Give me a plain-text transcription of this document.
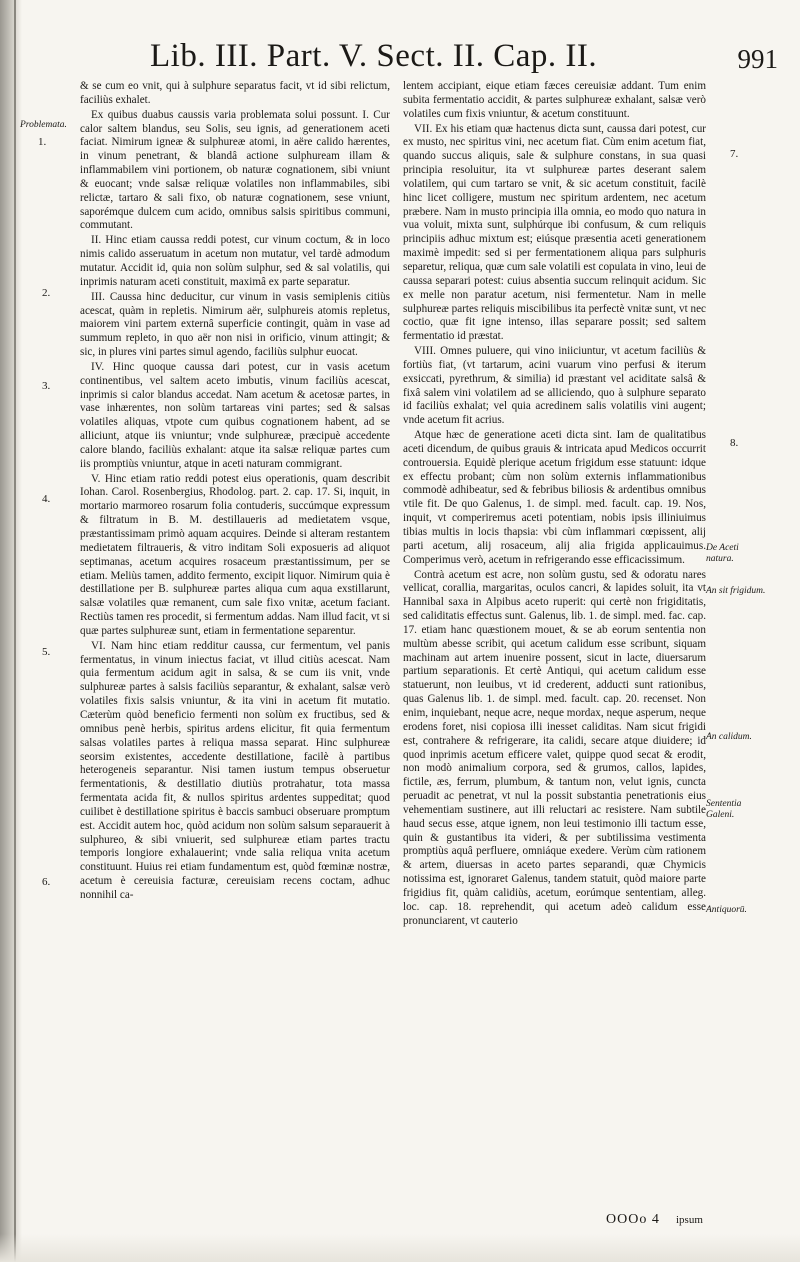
Lib. III. Part. V. Sect. II. Cap. II.	991

& se cum eo vnit, qui à sulphure separatus facit, vt id sibi relictum, faciliùs exhalet.

Ex quibus duabus caussis varia problemata solui possunt. I. Cur calor saltem blandus, seu Solis, seu ignis, ad generationem aceti faciat. Nimirum igneæ & sulphureæ atomi, in aëre calido hærentes, in vinum penetrant, & blandâ actione sulphuream illam & inflammabilem vini portionem, ob naturæ cognationem, sibi vniunt & euocant; vnde salsæ reliquæ volatiles non inflammabiles, sibi relictæ, tartaro & sali fixo, ob naturæ cognationem, sese vniunt, saporémque dulcem cum acido, omnibus salsis spiritibus communi, commutant.

II. Hinc etiam caussa reddi potest, cur vinum coctum, & in loco nimis calido asseruatum in acetum non mutatur, vel tardè admodum mutatur. Accidit id, quia non solùm sulphur, sed & sal volatilis, qui inprimis naturam aceti constituit, maximâ ex parte separatur.

III. Caussa hinc deducitur, cur vinum in vasis semiplenis citiùs acescat, quàm in repletis. Nimirum aër, sulphureis atomis repletus, maiorem vini partem externâ superficie contingit, quàm in vase ad summum repleto, in quo aër non nisi in orificio, vinum attingit; & sic, in plures vini partes simul agendo, faciliùs sulphur euocat.

IV. Hinc quoque caussa dari potest, cur in vasis acetum continentibus, vel saltem aceto imbutis, vinum faciliùs acescat, inprimis si calor blandus accedat. Nam acetum & acetosæ partes, in vase inhærentes, non solùm tartareas vini partes; sed & salsas volatiles aliquas, vtpote cum quibus cognationem habent, ad se alliciunt, atque iis vniuntur; vnde sulphureæ, præcipuè accedente calore blando, faciliùs exhalant: atque ita salsæ reliquæ partes cum iis promptiùs vniuntur, atque in aceti naturam commigrant.

V. Hinc etiam ratio reddi potest eius operationis, quam describit Iohan. Carol. Rosenbergius, Rhodolog. part. 2. cap. 17. Si, inquit, in mortario marmoreo rosarum folia contuderis, succúmque expressum & filtratum in B. M. destillaueris ad medietatem vsque, præstantissimam primò aquam acquires. Deinde si alteram restantem medietatem filtraueris, & vitro inditam Soli exposueris ad aliquot septimanas, acetum acquires rosaceum præstantissimum, per se etiam. Meliùs tamen, addito fermento, excipit liquor. Nimirum quia è destillatione per B. sulphureæ partes aliqua cum aqua exstillarunt, salsæ volatiles quæ remanent, cum sale fixo vnitæ, acetum faciant. Rectiùs tamen res procedit, si fermentum addas. Nam illud facit, vt si quæ partes sulphureæ sunt, etiam in fermentatione separentur.

VI. Nam hinc etiam redditur caussa, cur fermentum, vel panis fermentatus, in vinum iniectus faciat, vt illud citiùs acescat. Nam quia fermentum acidum agit in salsa, & se cum iis vnit, vnde sulphureæ partes à salsis faciliùs separantur, & exhalant, salsæ verò volatiles fixis salsis vniuntur, & ita vini in acetum fit mutatio. Cæterùm quòd beneficio fermenti non solùm ex fructibus, sed & omnibus penè herbis, spiritus ardens elicitur, fit quia fermentum salsas volatiles partes à reliqua massa separat. Hinc sulphureæ seorsim existentes, accedente destillatione, facilè à partibus heterogeneis separantur. Nisi tamen iustum tempus obseruetur fermentationis, & destillatio diutiùs protrahatur, tota massa fermentata acida fit, & nullos spiritus ardentes suppeditat; quod cuilibet è destillatione spiritus è baccis sambuci obseruare promptum est. Accidit autem hoc, quòd acidum non solùm salsum separauerit à sulphureo, & sibi vniuerit, sed sulphureæ etiam partes tractu temporis longiore exhalauerint; vnde salia reliqua vnita acetum constituunt. Huius rei etiam fundamentum est, quòd fœminæ nostræ, acetum è cereuisia facturæ, cereuisiam recens coctam, adhuc nonnihil ca-

lentem accipiant, eique etiam fæces cereuisiæ addant. Tum enim subita fermentatio accidit, & partes sulphureæ exhalant, salsæ verò volatiles cum fixis vniuntur, & acetum constituunt.

VII. Ex his etiam quæ hactenus dicta sunt, caussa dari potest, cur ex musto, nec spiritus vini, nec acetum fiat. Cùm enim acetum fiat, quando succus aliquis, sale & sulphure constans, in sua quasi principia resoluitur, ita vt sulphureæ partes deserant salem volatilem, qui cum tartaro se vnit, & sic acetum constituit, facilè hinc licet colligere, mustum nec spiritum ardentem, nec acetum præbere. Nam in musto principia illa omnia, eo modo quo natura in vua voluit, mixta sunt, sulphúrque ibi confusum, & cum reliquis principiis adhuc mixtum est; eiúsque præsentia aceti generationem maximè impedit: sed si per fermentationem aliqua pars sulphuris separetur, reliqua, quæ cum sale volatili est copulata in vino, leui de caussa separari potest: cuius absentia succum relinquit acidum. Sic ex melle non paratur acetum, nisi fermentetur. Nam in melle sulphureæ partes reliquis miscibilibus ita perfectè vnitæ sunt, vt nec coctio, quæ fit igne intenso, illas separare possit; sed saltem fermentatio id præstat.

VIII. Omnes puluere, qui vino iniiciuntur, vt acetum faciliùs & fortiùs fiat, (vt tartarum, acini vuarum vino perfusi & iterum exsiccati, pyrethrum, & similia) id præstant vel aciditate salsâ & fixâ salem vini volatilem ad se alliciendo, quo à sulphure separato id faciliùs exhalat; vel quia acredinem salis volatilis vini augent; vnde acetum fit acrius.

Atque hæc de generatione aceti dicta sint. Iam de qualitatibus aceti dicendum, de quibus grauis & intricata apud Medicos occurrit controuersia. Equidè plerique acetum frigidum esse statuunt: idque ex effectu probant; cùm non solùm externis inflammationibus commodè adhibeatur, sed & febribus biliosis & ardentibus omnibus vtile fit. De quo Galenus, 1. de simpl. med. facult. cap. 19. Nos, inquit, vt comperiremus aceti potentiam, nobis ipsis illiniuimus tibias multis in locis thapsia: vbi cùm inflammari cœpissent, alij parti acetum, alij rosaceum, alij alia frigida applicauimus. Comperimus verò, acetum in refrigerando esse efficacissimum.

Contrà acetum est acre, non solùm gustu, sed & odoratu nares vellicat, corallia, margaritas, oculos cancri, & lapides soluit, ita vt Hannibal saxa in Alpibus aceto ruperit: qui certè non frigiditatis, sed caliditatis effectus sunt. Galenus, lib. 1. de simpl. med. fac. cap. 17. etiam hanc quæstionem mouet, & se ab eorum sententia non multùm abesse scribit, qui acetum calidum esse scribunt, siquam machinam aut artem inuenire possent, sicut in lacte, diuersarum partium separationis. Et certè Antiqui, qui acetum calidum esse statuerunt, non leuibus, vt id crederent, adducti sunt rationibus, quas Galenus lib. 1. de simpl. med. facult. cap. 20. recenset. Non enim, inquiebant, neque acre, neque mordax, neque asperum, neque erodens foret, nisi copiosa illi inesset caliditas. Nam sicut frigidi est, contrahere & refrigerare, ita calidi, secare atque diuidere; id quod inprimis acetum efficere valet, quippe quod secat & erodit, non modò animalium corpora, sed & grumos, callos, lapides, fictile, æs, ferrum, plumbum, & tantum non, velut ignis, cuncta peruadit ac penetrat, vt nul la possit substantia penetrationis eius vehementiam sustinere, aut illi reluctari ac resistere. Nam subtile haud secus esse, atque ignem, non leui testimonio illi tactum esse, quin & gustantibus ita videri, & per subtilissima vestimenta promptiùs aquâ perfluere, omniáque exedere. Verùm cùm rationem & artem, diuersas in aceto partes separandi, quæ Chymicis notissima est, ignoraret Galenus, tandem statuit, quòd maiore parte frigidius fit, quàm calidiùs, acetum, eorúmque sententiam, alleg. loc. cap. 18. reprehendit, qui acetum adeò calidum esse pronunciarent, vt cauterio

Problemata.
1.
2.
3.
4.
5.
6.
7.
8.
De Aceti natura.
An sit frigidum.
An calidum.
Sententia Galeni.
Antiquorū.
OOOo 4 ipsum
